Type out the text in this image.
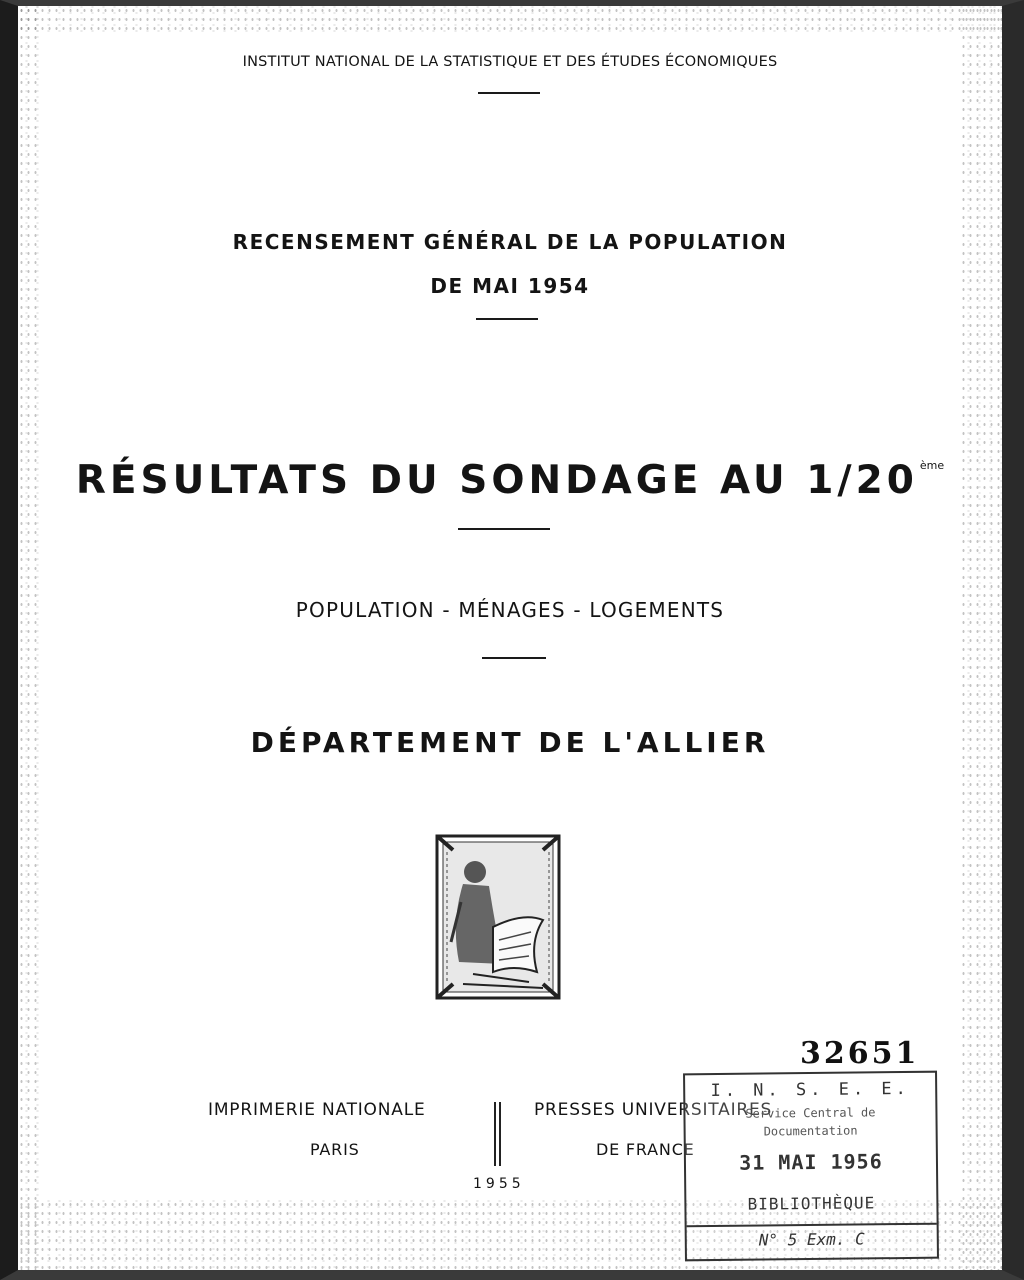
INSTITUT NATIONAL DE LA STATISTIQUE ET DES ÉTUDES ÉCONOMIQUES
RECENSEMENT GÉNÉRAL DE LA POPULATION
DE MAI 1954
RÉSULTATS DU SONDAGE AU 1/20 $^{ème}$
POPULATION - MÉNAGES - LOGEMENTS
DÉPARTEMENT DE L'ALLIER
IMPRIMERIE NATIONALE
PARIS
PRESSES UNIVERSITAIRES
DE FRANCE
1955
32651
I. N. S. E. E.
Service Central de
Documentation
31 MAI 1956
BIBLIOTHÈQUE
N° 5 Exm. C
